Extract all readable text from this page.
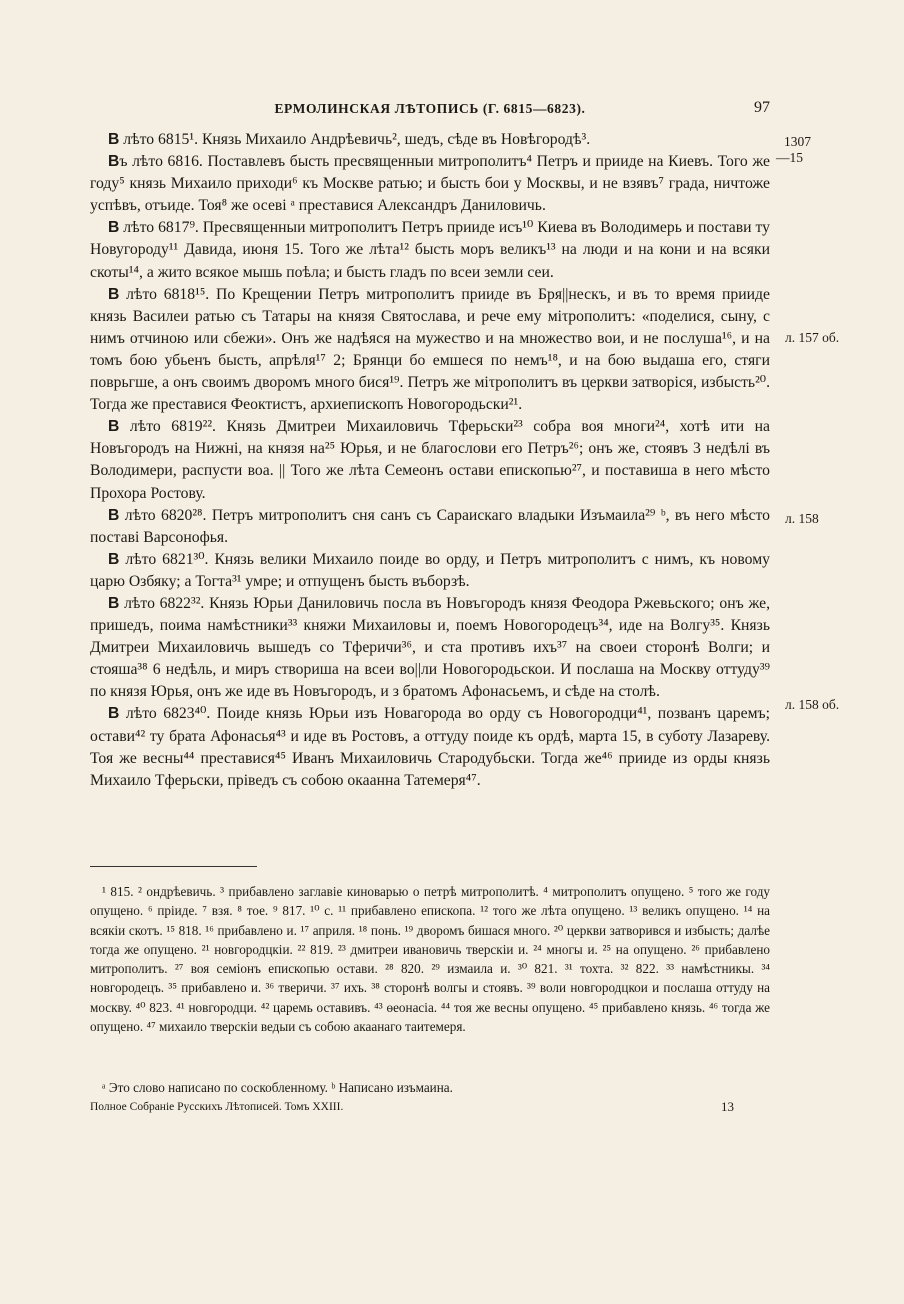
ЕРМОЛИНСКАЯ ЛѢТОПИСЬ (Г. 6815—6823).	97

В лѣто 6815¹. Князь Михаило Андрѣевичь², шедъ, сѣде въ Новѣгородѣ³.

Въ лѣто 6816. Поставлевъ бысть пресвященныи митрополитъ⁴ Петръ и прииде на Киевъ. Того же году⁵ князь Михаило приходи⁶ къ Москве ратью; и бысть бои у Москвы, и не взявъ⁷ града, ничтоже успѣвъ, отъиде. Тоя⁸ же осеві ᵃ преставися Александръ Даниловичь.

В лѣто 6817⁹. Пресвященныи митрополитъ Петръ прииде исъ¹⁰ Киева въ Володимерь и постави ту Новугороду¹¹ Давида, июня 15. Того же лѣта¹² бысть моръ великъ¹³ на люди и на кони и на всяки скоты¹⁴, а жито всякое мышь поѣла; и бысть гладъ по всеи земли сеи.

В лѣто 6818¹⁵. По Крещении Петръ митрополитъ прииде въ Бря||нескъ, и въ то время прииде князь Василеи ратью съ Татары на князя Святослава, и рече ему міτрополитъ: «поделися, сыну, с нимъ отчиною или сбежи». Онъ же надѣяся на мужество и на множество вои, и не послуша¹⁶, и на томъ бою убьенъ бысть, апрѣля¹⁷ 2; Брянци бо емшеся по немъ¹⁸, и на бою выдаша его, стяги поврьгше, а онъ своимъ дворомъ много бися¹⁹. Петръ же міτрополитъ въ церкви затворіся, избысть²⁰. Тогда же преставися Феоктистъ, архиепископъ Новогородьски²¹.

В лѣто 6819²². Князь Дмитреи Михаиловичь Тферьски²³ собра воя многи²⁴, хотѣ ити на Новъгородъ на Нижні, на князя на²⁵ Юрья, и не благослови его Петръ²⁶; онъ же, стоявъ 3 недѣлі въ Володимери, распусти воа. || Того же лѣта Семеонъ остави епископью²⁷, и поставиша в него мѣсто Прохора Ростову.

В лѣто 6820²⁸. Петръ митрополитъ сня санъ съ Сараискаго владыки Изъмаила²⁹ ᵇ, въ него мѣсто поставі Варсонофья.

В лѣто 6821³⁰. Князь велики Михаило поиде во орду, и Петръ митрополитъ с нимъ, къ новому царю Озбяку; а Тогта³¹ умре; и отпущенъ бысть въборзѣ.

В лѣто 6822³². Князь Юрьи Даниловичь посла въ Новъгородъ князя Феодора Ржевьского; онъ же, пришедъ, поима намѣстники³³ княжи Михаиловы и, поемъ Новогородецъ³⁴, иде на Волгу³⁵. Князь Дмитреи Михаиловичь вышедъ со Тферичи³⁶, и ста противъ ихъ³⁷ на своеи сторонѣ Волги; и стояша³⁸ 6 недѣль, и миръ створиша на всеи во||ли Новогородьскои. И послаша на Москву оттуду³⁹ по князя Юрья, онъ же иде въ Новъгородъ, и з братомъ Афонасьемъ, и сѣде на столѣ.

В лѣто 6823⁴⁰. Поиде князь Юрьи изъ Новагорода во орду съ Новогородци⁴¹, позванъ царемъ; остави⁴² ту брата Афонасья⁴³ и иде въ Ростовъ, а оттуду поиде къ ордѣ, марта 15, в суботу Лазареву. Тоя же весны⁴⁴ преставися⁴⁵ Иванъ Михаиловичь Стародубьски. Тогда же⁴⁶ прииде из орды князь Михаило Тферьски, пріведъ съ собою окаанна Татемеря⁴⁷.

1307
—15
л. 157 об.
л. 158
л. 158 об.

¹ 815. ² ондрѣевичь. ³ прибавлено заглавіе киноварью о петрѣ митрополитѣ. ⁴ митрополитъ опущено. ⁵ того же году опущено. ⁶ пріиде. ⁷ взя. ⁸ тое. ⁹ 817. ¹⁰ с. ¹¹ прибавлено епископа. ¹² того же лѣта опущено. ¹³ великъ опущено. ¹⁴ на всякіи скотъ. ¹⁵ 818. ¹⁶ прибавлено и. ¹⁷ априля. ¹⁸ понь. ¹⁹ дворомъ бишася много. ²⁰ церкви затворився и избысть; далѣе тогда же опущено. ²¹ новгородцкіи. ²² 819. ²³ дмитреи ивановичь тверскіи и. ²⁴ многы и. ²⁵ на опущено. ²⁶ прибавлено митрополитъ. ²⁷ воя семіонъ епископью остави. ²⁸ 820. ²⁹ измаила и. ³⁰ 821. ³¹ тохта. ³² 822. ³³ намѣстникы. ³⁴ новгородецъ. ³⁵ прибавлено и. ³⁶ тверичи. ³⁷ ихъ. ³⁸ сторонѣ волгы и стоявъ. ³⁹ воли новгородцкои и послаша оттуду на москву. ⁴⁰ 823. ⁴¹ новгородци. ⁴² царемь оставивъ. ⁴³ ѳеонасіа. ⁴⁴ тоя же весны опущено. ⁴⁵ прибавлено князь. ⁴⁶ тогда же опущено. ⁴⁷ михаило тверскіи ведыи съ собою акаанаго таитемеря.

ᵃ Это слово написано по соскобленному. ᵇ Написано изъмаина.

Полное Собраніе Русскихъ Лѣтописей. Томъ XXIII.	13
